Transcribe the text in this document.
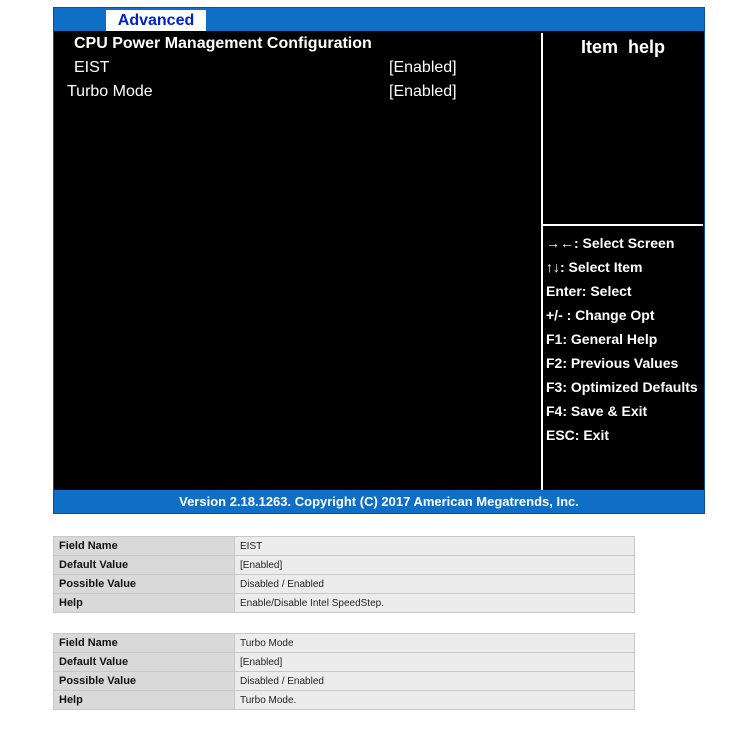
Advanced
CPU Power Management Configuration
EIST	[Enabled]
Turbo Mode	[Enabled]
Item  help
→←: Select Screen
↑↓: Select Item
Enter: Select
+/- : Change Opt
F1: General Help
F2: Previous Values
F3: Optimized Defaults
F4: Save & Exit
ESC: Exit
Version 2.18.1263. Copyright (C) 2017 American Megatrends, Inc.
Field Name	EIST
Default Value	[Enabled]
Possible Value	Disabled / Enabled
Help	Enable/Disable Intel SpeedStep.
Field Name	Turbo Mode
Default Value	[Enabled]
Possible Value	Disabled / Enabled
Help	Turbo Mode.
